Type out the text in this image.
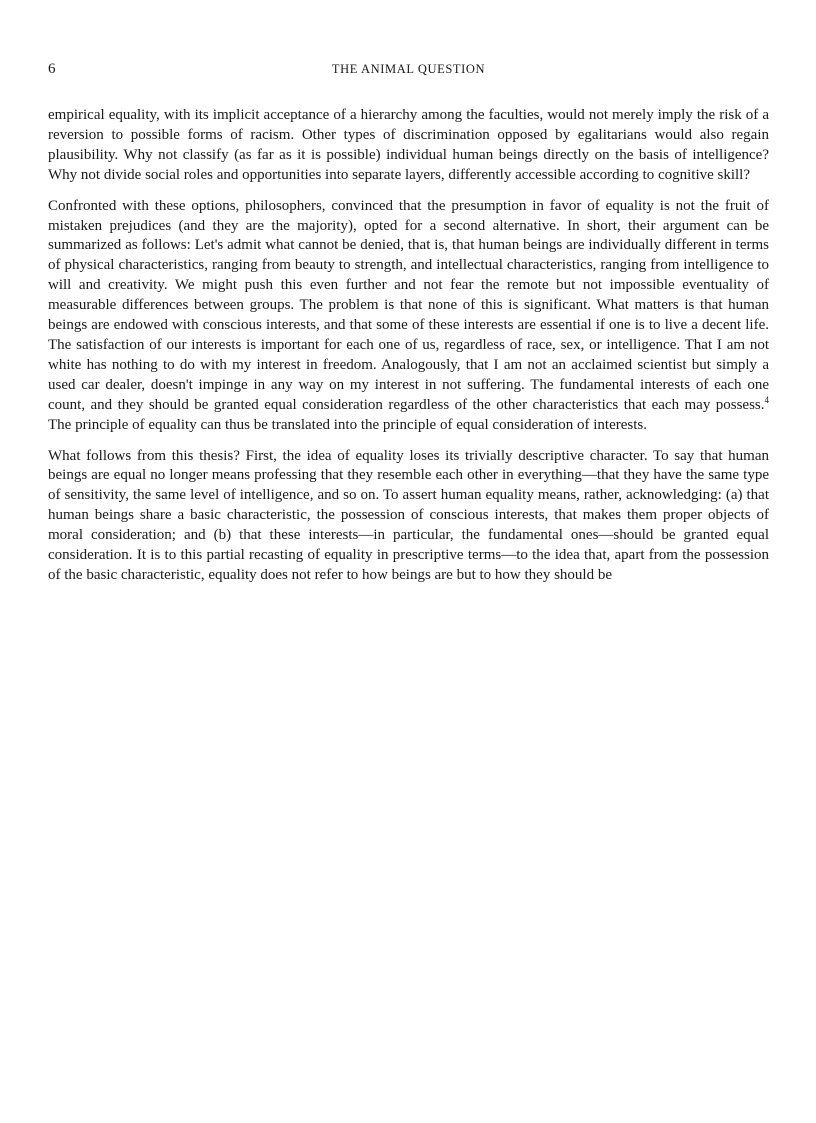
6	THE ANIMAL QUESTION

empirical equality, with its implicit acceptance of a hierarchy among the faculties, would not merely imply the risk of a reversion to possible forms of racism. Other types of discrimination opposed by egalitarians would also regain plausibility. Why not classify (as far as it is possible) individual human beings directly on the basis of intelligence? Why not divide social roles and opportunities into separate layers, differently accessible according to cognitive skill?

Confronted with these options, philosophers, convinced that the presumption in favor of equality is not the fruit of mistaken prejudices (and they are the majority), opted for a second alternative. In short, their argument can be summarized as follows: Let's admit what cannot be denied, that is, that human beings are individually different in terms of physical characteristics, ranging from beauty to strength, and intellectual characteristics, ranging from intelligence to will and creativity. We might push this even further and not fear the remote but not impossible eventuality of measurable differences between groups. The problem is that none of this is significant. What matters is that human beings are endowed with conscious interests, and that some of these interests are essential if one is to live a decent life. The satisfaction of our interests is important for each one of us, regardless of race, sex, or intelligence. That I am not white has nothing to do with my interest in freedom. Analogously, that I am not an acclaimed scientist but simply a used car dealer, doesn't impinge in any way on my interest in not suffering. The fundamental interests of each one count, and they should be granted equal consideration regardless of the other characteristics that each may possess.$^4$ The principle of equality can thus be translated into the principle of equal consideration of interests.

What follows from this thesis? First, the idea of equality loses its trivially descriptive character. To say that human beings are equal no longer means professing that they resemble each other in everything—that they have the same type of sensitivity, the same level of intelligence, and so on. To assert human equality means, rather, acknowledging: (a) that human beings share a basic characteristic, the possession of conscious interests, that makes them proper objects of moral consideration; and (b) that these interests—in particular, the fundamental ones—should be granted equal consideration. It is to this partial recasting of equality in prescriptive terms—to the idea that, apart from the possession of the basic characteristic, equality does not refer to how beings are but to how they should be
